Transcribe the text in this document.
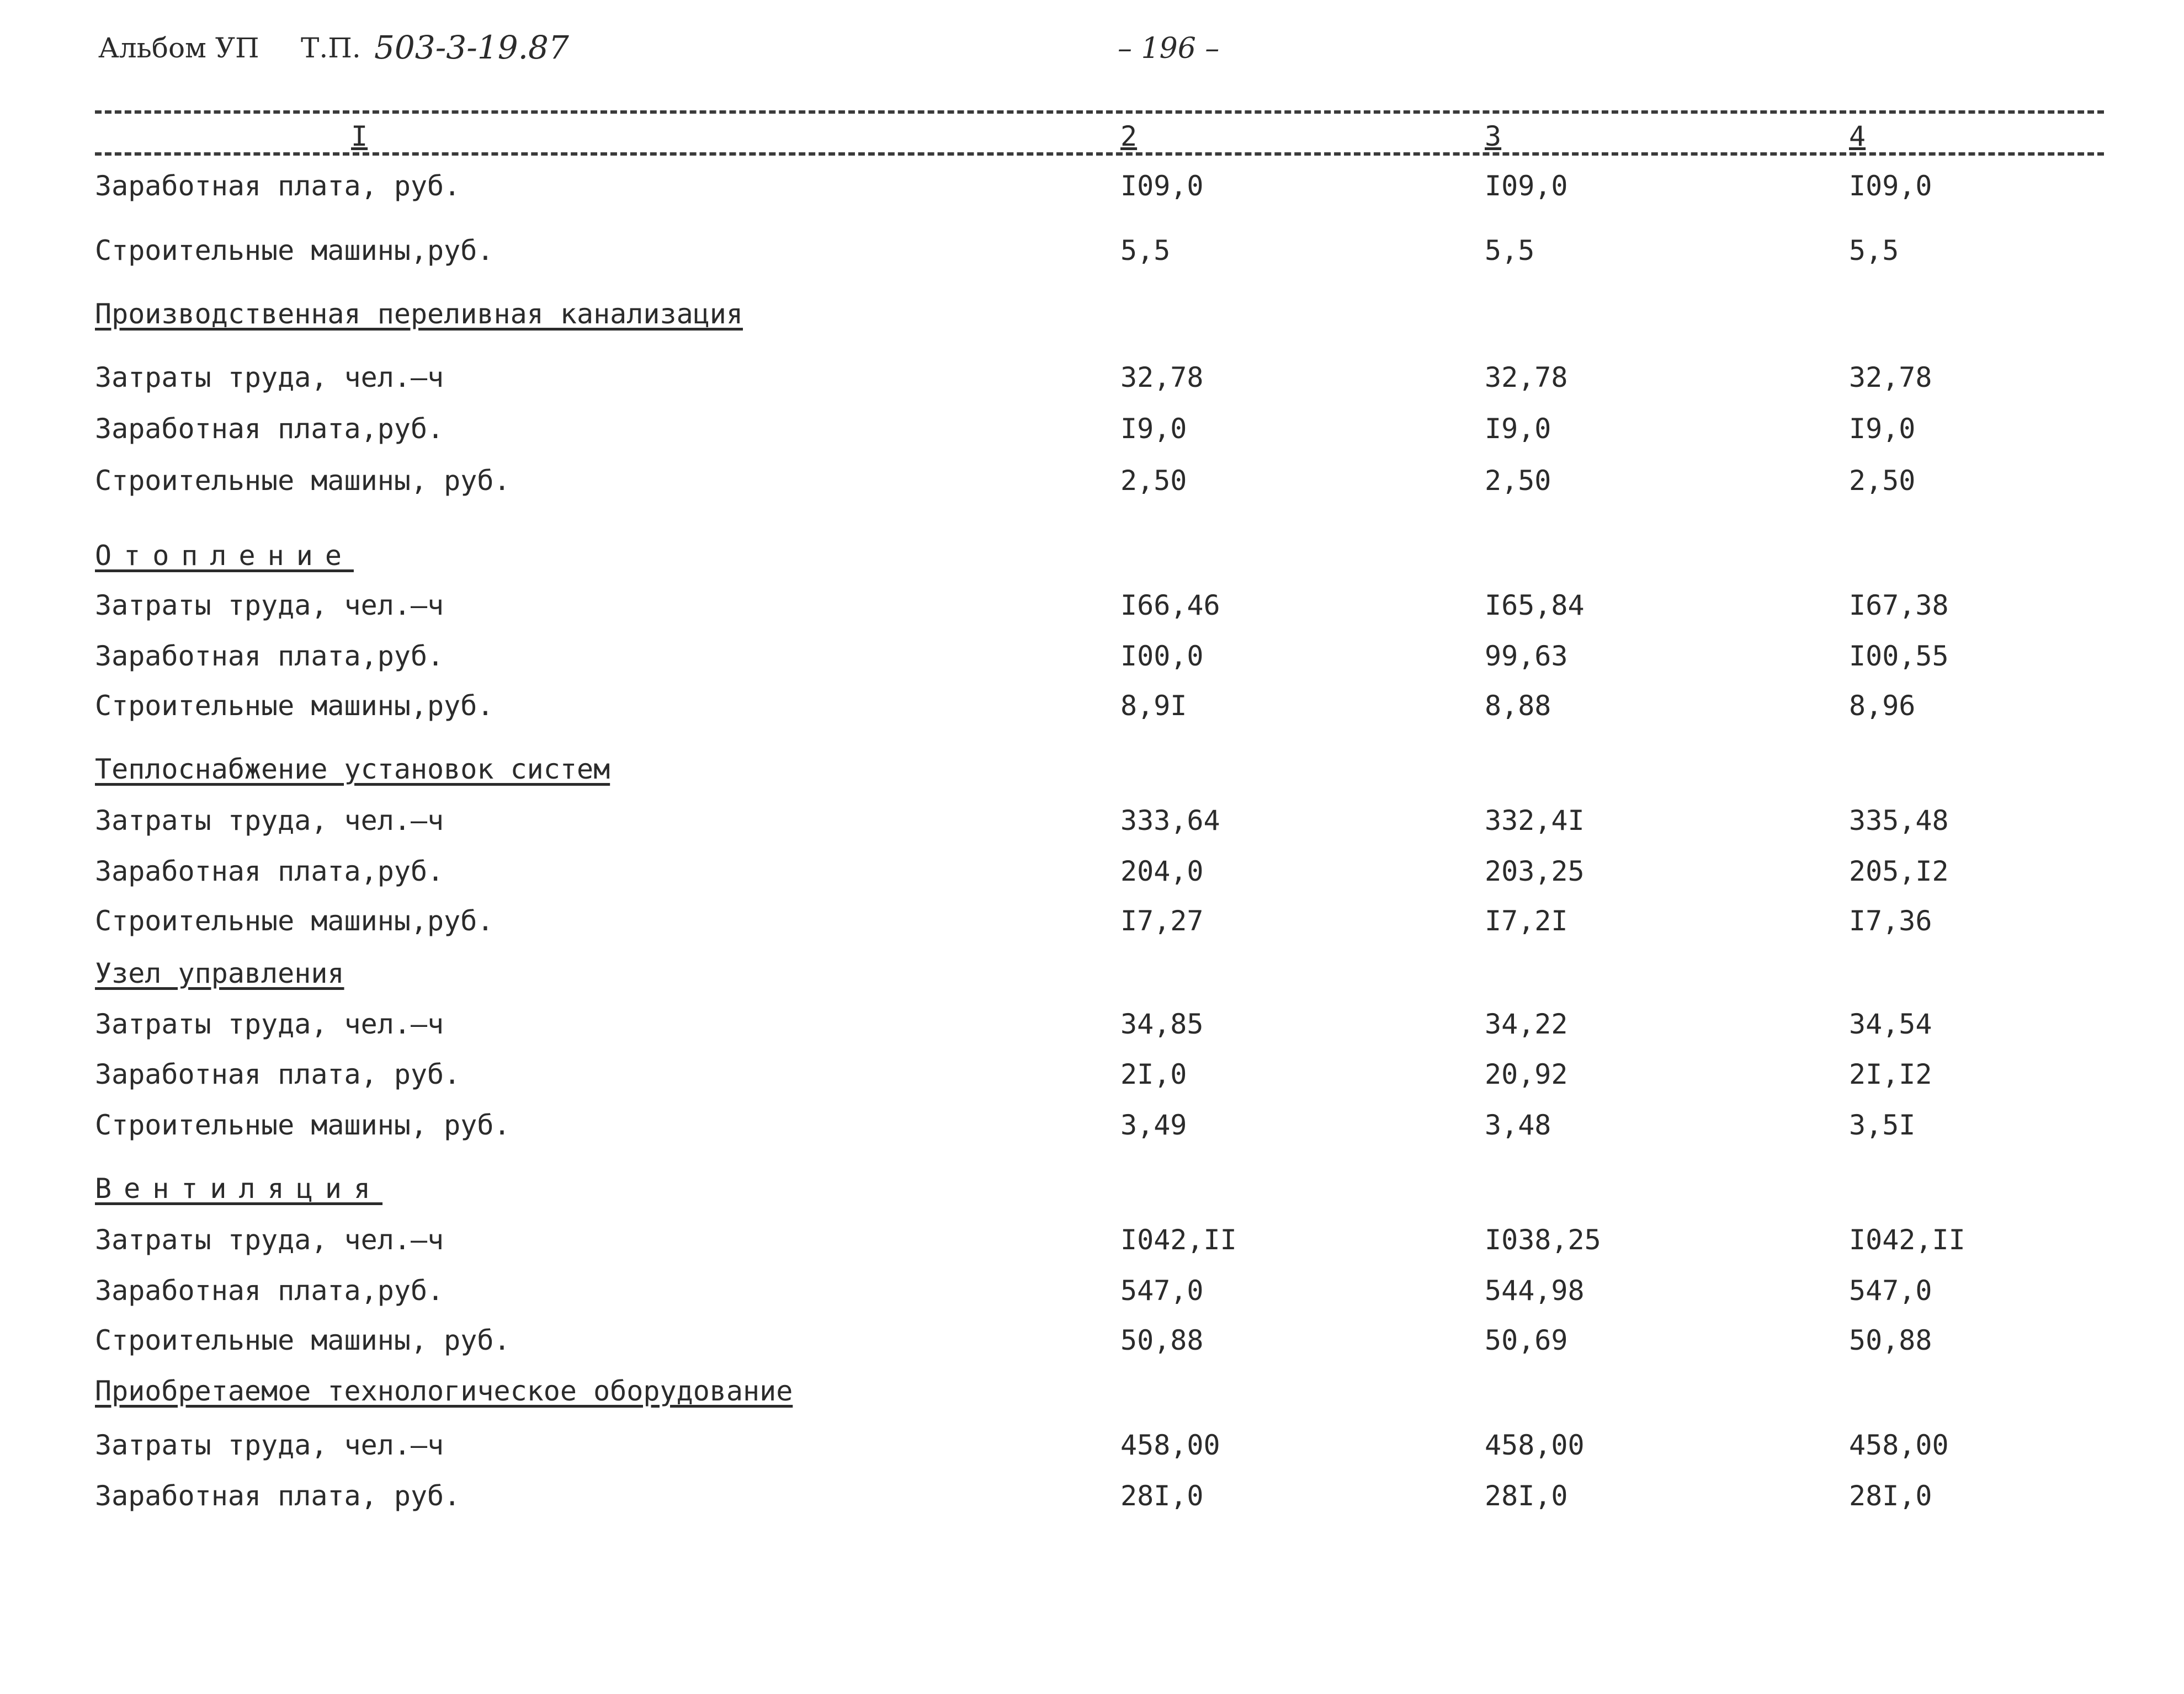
Альбом УП Т.П. 503-3-19.87	– 196 –
I	2	3	4
Заработная плата, руб.	I09,0	I09,0	I09,0
Строительные машины,руб.	5,5	5,5	5,5
Производственная переливная канализация
Затраты труда, чел.–ч	32,78	32,78	32,78
Заработная плата,руб.	I9,0	I9,0	I9,0
Строительные машины, руб.	2,50	2,50	2,50
Отопление
Затраты труда, чел.–ч	I66,46	I65,84	I67,38
Заработная плата,руб.	I00,0	99,63	I00,55
Строительные машины,руб.	8,9I	8,88	8,96
Теплоснабжение установок систем
Затраты труда, чел.–ч	333,64	332,4I	335,48
Заработная плата,руб.	204,0	203,25	205,I2
Строительные машины,руб.	I7,27	I7,2I	I7,36
Узел управления
Затраты труда, чел.–ч	34,85	34,22	34,54
Заработная плата, руб.	2I,0	20,92	2I,I2
Строительные машины, руб.	3,49	3,48	3,5I
Вентиляция
Затраты труда, чел.–ч	I042,II	I038,25	I042,II
Заработная плата,руб.	547,0	544,98	547,0
Строительные машины, руб.	50,88	50,69	50,88
Приобретаемое технологическое оборудование
Затраты труда, чел.–ч	458,00	458,00	458,00
Заработная плата, руб.	28I,0	28I,0	28I,0
